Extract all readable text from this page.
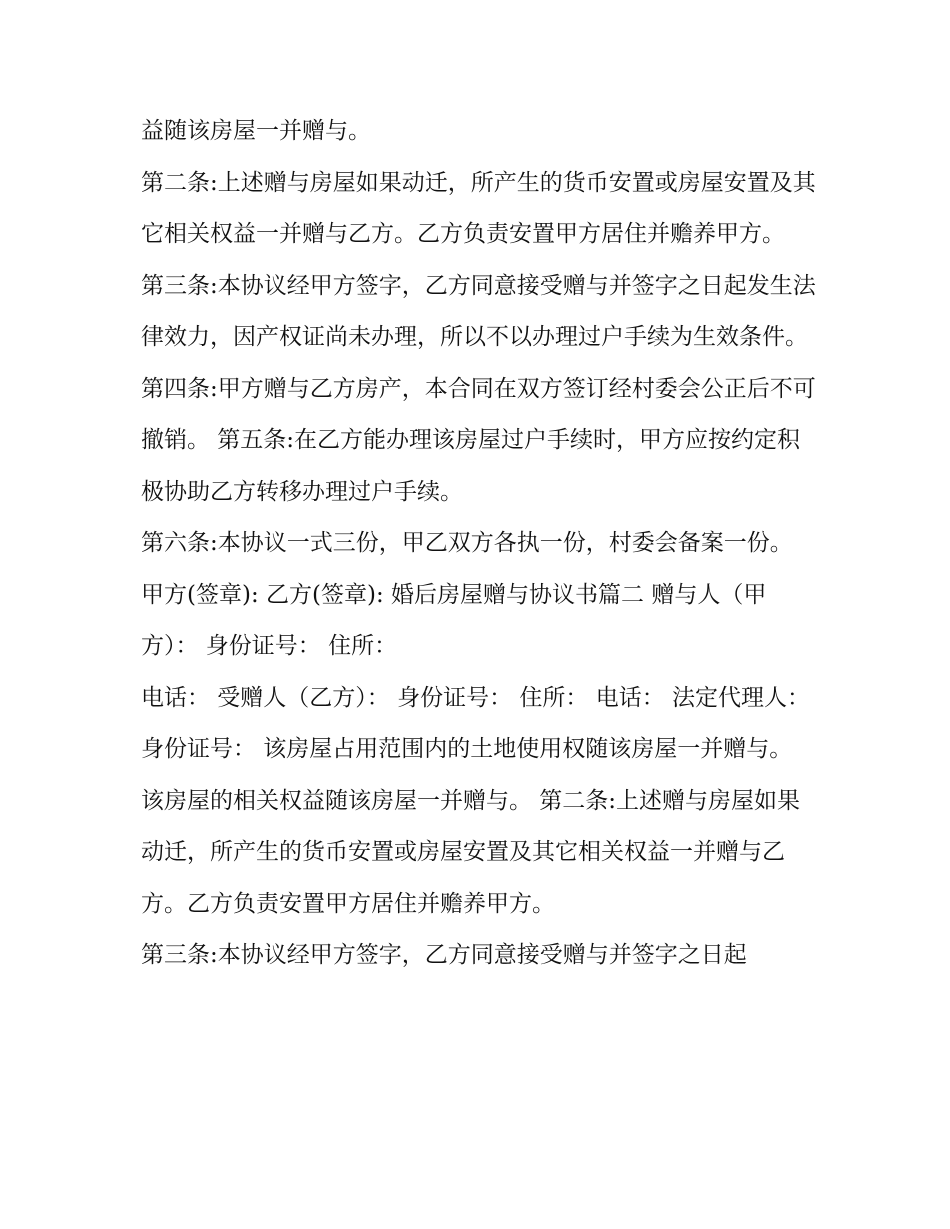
益随该房屋一并赠与。

第二条:上述赠与房屋如果动迁，所产生的货币安置或房屋安置及其它相关权益一并赠与乙方。乙方负责安置甲方居住并赡养甲方。

第三条:本协议经甲方签字，乙方同意接受赠与并签字之日起发生法律效力，因产权证尚未办理，所以不以办理过户手续为生效条件。

第四条:甲方赠与乙方房产，本合同在双方签订经村委会公正后不可撤销。 第五条:在乙方能办理该房屋过户手续时，甲方应按约定积极协助乙方转移办理过户手续。

第六条:本协议一式三份，甲乙双方各执一份，村委会备案一份。 甲方(签章): 乙方(签章): 婚后房屋赠与协议书篇二 赠与人（甲方）： 身份证号： 住所：

电话： 受赠人（乙方）： 身份证号： 住所： 电话： 法定代理人： 身份证号： 该房屋占用范围内的土地使用权随该房屋一并赠与。

该房屋的相关权益随该房屋一并赠与。 第二条:上述赠与房屋如果动迁，所产生的货币安置或房屋安置及其它相关权益一并赠与乙方。乙方负责安置甲方居住并赡养甲方。

第三条:本协议经甲方签字，乙方同意接受赠与并签字之日起
